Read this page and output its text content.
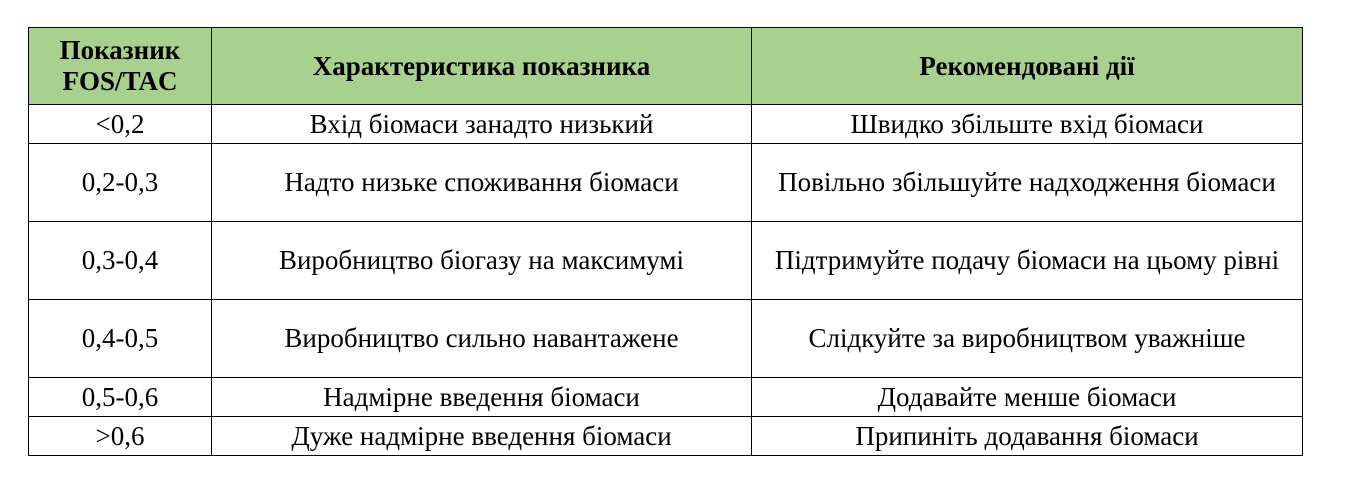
Показник FOS/TAC	Характеристика показника	Рекомендовані дії
<0,2	Вхід біомаси занадто низький	Швидко збільште вхід біомаси
0,2-0,3	Надто низьке споживання біомаси	Повільно збільшуйте надходження біомаси
0,3-0,4	Виробництво біогазу на максимумі	Підтримуйте подачу біомаси на цьому рівні
0,4-0,5	Виробництво сильно навантажене	Слідкуйте за виробництвом уважніше
0,5-0,6	Надмірне введення біомаси	Додавайте менше біомаси
>0,6	Дуже надмірне введення біомаси	Припиніть додавання біомаси
